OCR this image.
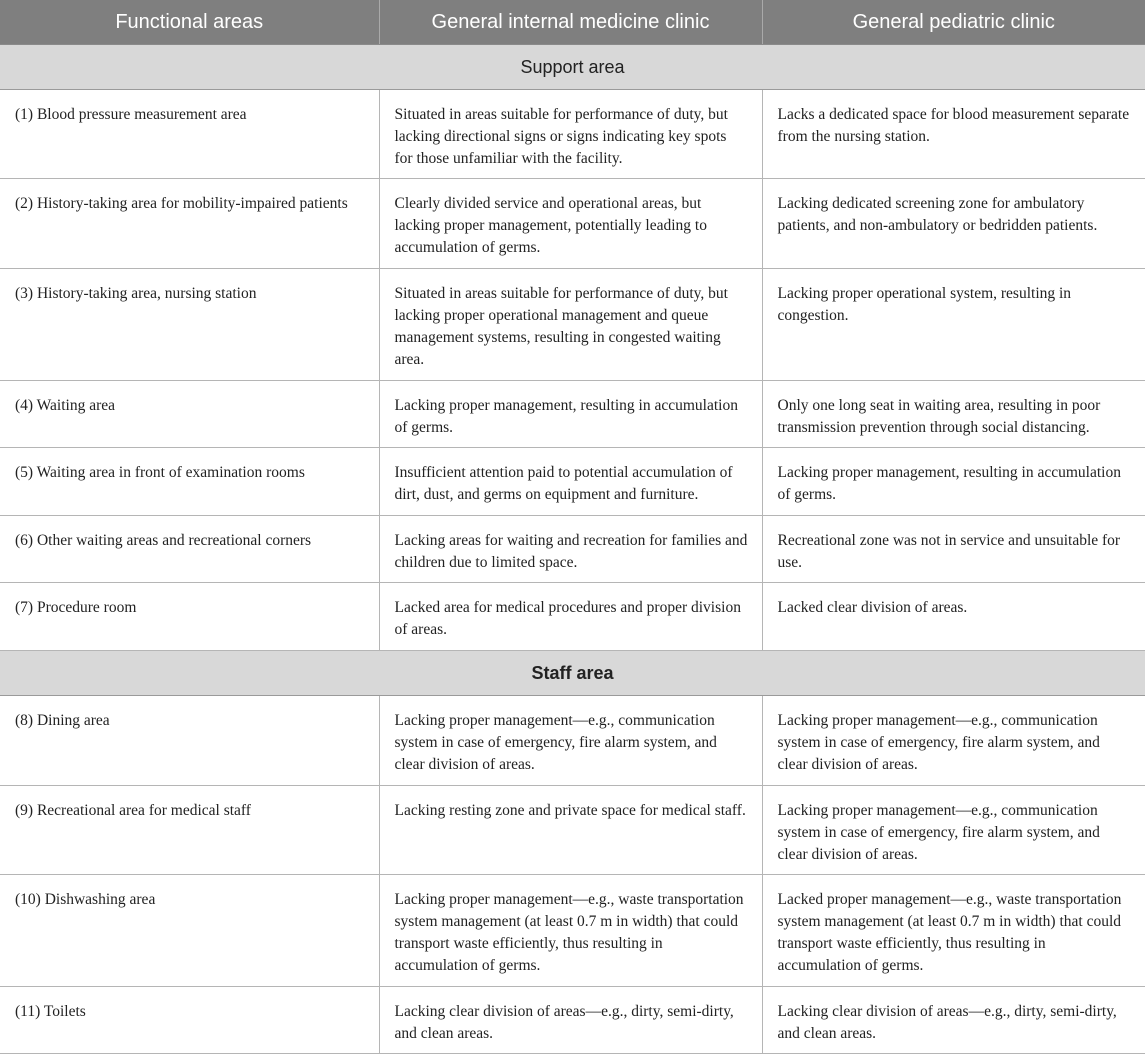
Functional areas	General internal medicine clinic	General pediatric clinic
Support area		
(1) Blood pressure measurement area	Situated in areas suitable for performance of duty, but lacking directional signs or signs indicating key spots for those unfamiliar with the facility.	Lacks a dedicated space for blood measurement separate from the nursing station.
(2) History-taking area for mobility-impaired patients	Clearly divided service and operational areas, but lacking proper management, potentially leading to accumulation of germs.	Lacking dedicated screening zone for ambulatory patients, and non-ambulatory or bedridden patients.
(3) History-taking area, nursing station	Situated in areas suitable for performance of duty, but lacking proper operational management and queue management systems, resulting in congested waiting area.	Lacking proper operational system, resulting in congestion.
(4) Waiting area	Lacking proper management, resulting in accumulation of germs.	Only one long seat in waiting area, resulting in poor transmission prevention through social distancing.
(5) Waiting area in front of examination rooms	Insufficient attention paid to potential accumulation of dirt, dust, and germs on equipment and furniture.	Lacking proper management, resulting in accumulation of germs.
(6) Other waiting areas and recreational corners	Lacking areas for waiting and recreation for families and children due to limited space.	Recreational zone was not in service and unsuitable for use.
(7) Procedure room	Lacked area for medical procedures and proper division of areas.	Lacked clear division of areas.
Staff area		
(8) Dining area	Lacking proper management—e.g., communication system in case of emergency, fire alarm system, and clear division of areas.	Lacking proper management—e.g., communication system in case of emergency, fire alarm system, and clear division of areas.
(9) Recreational area for medical staff	Lacking resting zone and private space for medical staff.	Lacking proper management—e.g., communication system in case of emergency, fire alarm system, and clear division of areas.
(10) Dishwashing area	Lacking proper management—e.g., waste transportation system management (at least 0.7 m in width) that could transport waste efficiently, thus resulting in accumulation of germs.	Lacked proper management—e.g., waste transportation system management (at least 0.7 m in width) that could transport waste efficiently, thus resulting in accumulation of germs.
(11) Toilets	Lacking clear division of areas—e.g., dirty, semi-dirty, and clean areas.	Lacking clear division of areas—e.g., dirty, semi-dirty, and clean areas.
